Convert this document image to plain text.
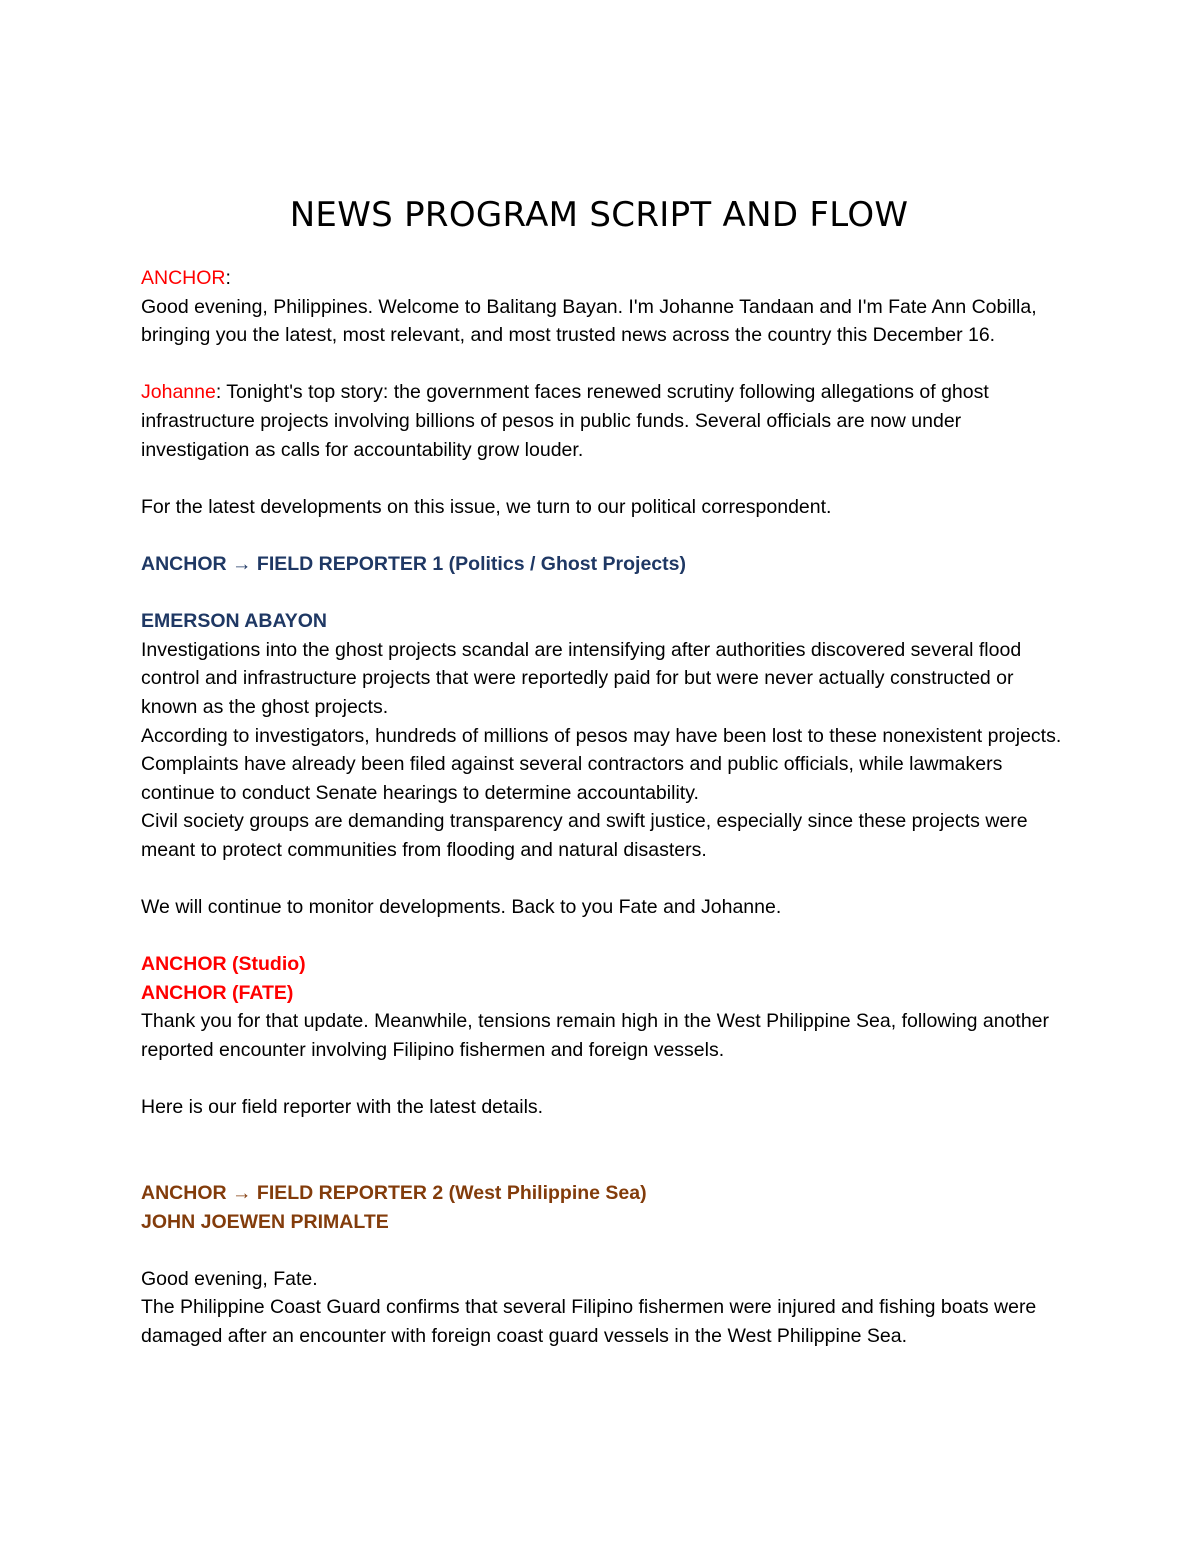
NEWS PROGRAM SCRIPT AND FLOW

ANCHOR:

Good evening, Philippines. Welcome to Balitang Bayan. I'm Johanne Tandaan and I'm Fate Ann Cobilla, bringing you the latest, most relevant, and most trusted news across the country this December 16.

Johanne: Tonight's top story: the government faces renewed scrutiny following allegations of ghost infrastructure projects involving billions of pesos in public funds. Several officials are now under investigation as calls for accountability grow louder.

For the latest developments on this issue, we turn to our political correspondent.

ANCHOR → FIELD REPORTER 1 (Politics / Ghost Projects)

EMERSON ABAYON

Investigations into the ghost projects scandal are intensifying after authorities discovered several flood control and infrastructure projects that were reportedly paid for but were never actually constructed or known as the ghost projects.

According to investigators, hundreds of millions of pesos may have been lost to these nonexistent projects. Complaints have already been filed against several contractors and public officials, while lawmakers continue to conduct Senate hearings to determine accountability.

Civil society groups are demanding transparency and swift justice, especially since these projects were meant to protect communities from flooding and natural disasters.

We will continue to monitor developments. Back to you Fate and Johanne.

ANCHOR (Studio)

ANCHOR (FATE)

Thank you for that update. Meanwhile, tensions remain high in the West Philippine Sea, following another reported encounter involving Filipino fishermen and foreign vessels.

Here is our field reporter with the latest details.

ANCHOR → FIELD REPORTER 2 (West Philippine Sea)

JOHN JOEWEN PRIMALTE

Good evening, Fate.

The Philippine Coast Guard confirms that several Filipino fishermen were injured and fishing boats were damaged after an encounter with foreign coast guard vessels in the West Philippine Sea.
